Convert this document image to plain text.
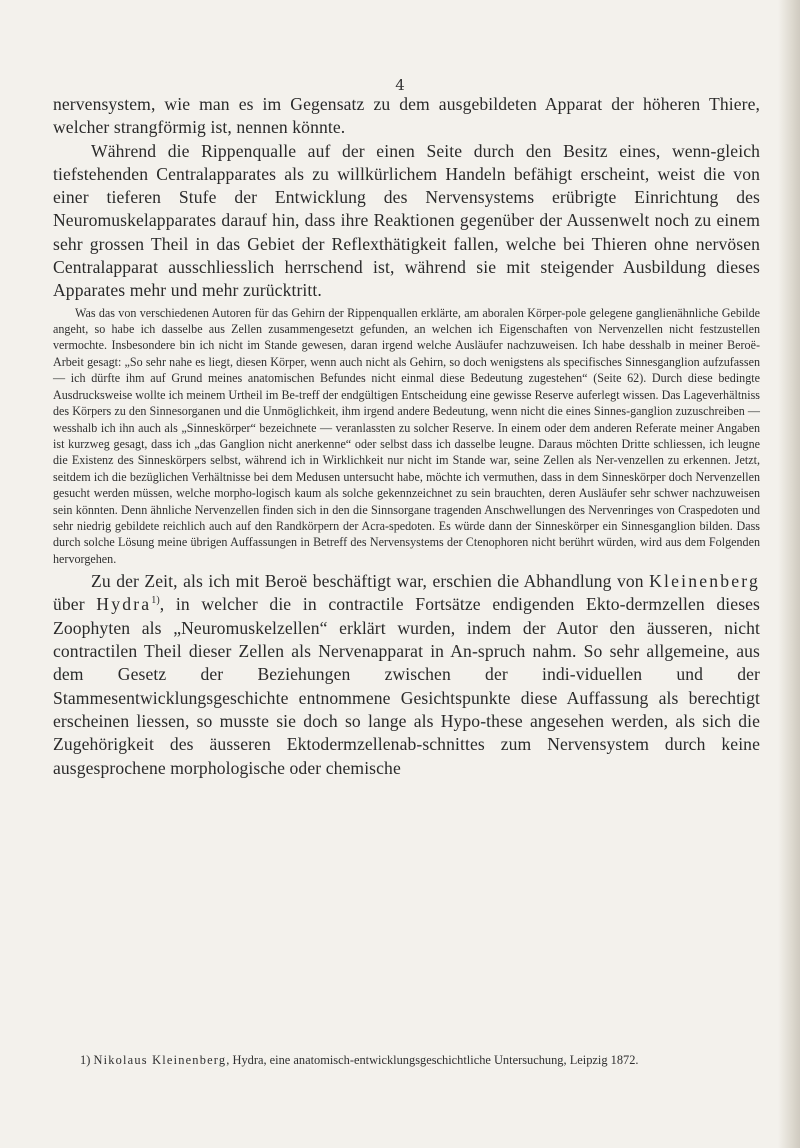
4

nervensystem, wie man es im Gegensatz zu dem ausgebildeten Apparat der höheren Thiere, welcher strangförmig ist, nennen könnte.

Während die Rippenqualle auf der einen Seite durch den Besitz eines, wenn-gleich tiefstehenden Centralapparates als zu willkürlichem Handeln befähigt erscheint, weist die von einer tieferen Stufe der Entwicklung des Nervensystems erübrigte Einrichtung des Neuromuskelapparates darauf hin, dass ihre Reaktionen gegenüber der Aussenwelt noch zu einem sehr grossen Theil in das Gebiet der Reflexthätigkeit fallen, welche bei Thieren ohne nervösen Centralapparat ausschliesslich herrschend ist, während sie mit steigender Ausbildung dieses Apparates mehr und mehr zurücktritt.

Was das von verschiedenen Autoren für das Gehirn der Rippenquallen erklärte, am aboralen Körper-pole gelegene ganglienähnliche Gebilde angeht, so habe ich dasselbe aus Zellen zusammengesetzt gefunden, an welchen ich Eigenschaften von Nervenzellen nicht festzustellen vermochte. Insbesondere bin ich nicht im Stande gewesen, daran irgend welche Ausläufer nachzuweisen. Ich habe desshalb in meiner Beroë-Arbeit gesagt: „So sehr nahe es liegt, diesen Körper, wenn auch nicht als Gehirn, so doch wenigstens als specifisches Sinnesganglion aufzufassen — ich dürfte ihm auf Grund meines anatomischen Befundes nicht einmal diese Bedeutung zugestehen“ (Seite 62). Durch diese bedingte Ausdrucksweise wollte ich meinem Urtheil im Be-treff der endgültigen Entscheidung eine gewisse Reserve auferlegt wissen. Das Lageverhältniss des Körpers zu den Sinnesorganen und die Unmöglichkeit, ihm irgend andere Bedeutung, wenn nicht die eines Sinnes-ganglion zuzuschreiben — wesshalb ich ihn auch als „Sinneskörper“ bezeichnete — veranlassten zu solcher Reserve. In einem oder dem anderen Referate meiner Angaben ist kurzweg gesagt, dass ich „das Ganglion nicht anerkenne“ oder selbst dass ich dasselbe leugne. Daraus möchten Dritte schliessen, ich leugne die Existenz des Sinneskörpers selbst, während ich in Wirklichkeit nur nicht im Stande war, seine Zellen als Ner-venzellen zu erkennen. Jetzt, seitdem ich die bezüglichen Verhältnisse bei dem Medusen untersucht habe, möchte ich vermuthen, dass in dem Sinneskörper doch Nervenzellen gesucht werden müssen, welche morpho-logisch kaum als solche gekennzeichnet zu sein brauchten, deren Ausläufer sehr schwer nachzuweisen sein könnten. Denn ähnliche Nervenzellen finden sich in den die Sinnsorgane tragenden Anschwellungen des Nervenringes von Craspedoten und sehr niedrig gebildete reichlich auch auf den Randkörpern der Acra-spedoten. Es würde dann der Sinneskörper ein Sinnesganglion bilden. Dass durch solche Lösung meine übrigen Auffassungen in Betreff des Nervensystems der Ctenophoren nicht berührt würden, wird aus dem Folgenden hervorgehen.

Zu der Zeit, als ich mit Beroë beschäftigt war, erschien die Abhandlung von Kleinenberg über Hydra$^{1)}$, in welcher die in contractile Fortsätze endigenden Ekto-dermzellen dieses Zoophyten als „Neuromuskelzellen“ erklärt wurden, indem der Autor den äusseren, nicht contractilen Theil dieser Zellen als Nervenapparat in An-spruch nahm. So sehr allgemeine, aus dem Gesetz der Beziehungen zwischen der indi-viduellen und der Stammesentwicklungsgeschichte entnommene Gesichtspunkte diese Auffassung als berechtigt erscheinen liessen, so musste sie doch so lange als Hypo-these angesehen werden, als sich die Zugehörigkeit des äusseren Ektodermzellenab-schnittes zum Nervensystem durch keine ausgesprochene morphologische oder chemische

1) Nikolaus Kleinenberg, Hydra, eine anatomisch-entwicklungsgeschichtliche Untersuchung, Leipzig 1872.
